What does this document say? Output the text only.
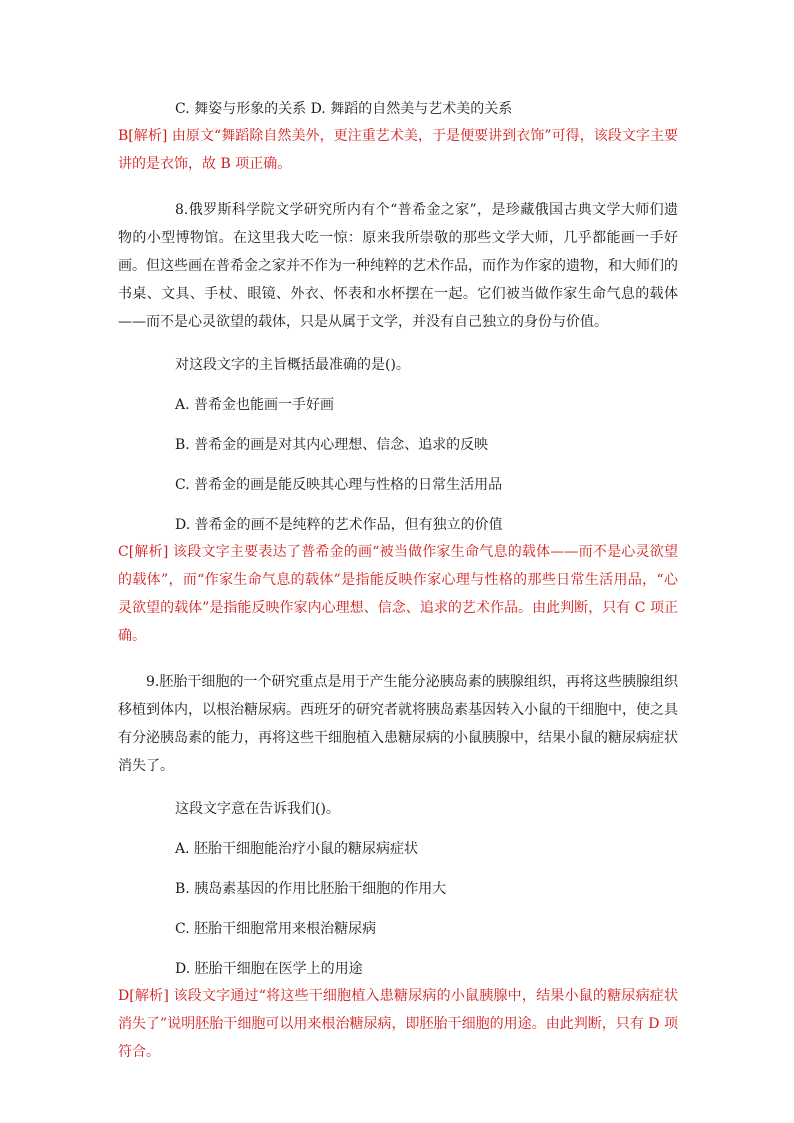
C. 舞姿与形象的关系 D. 舞蹈的自然美与艺术美的关系
B[解析] 由原文“舞蹈除自然美外，更注重艺术美，于是便要讲到衣饰”可得，该段文字主要讲的是衣饰，故 B 项正确。
8.俄罗斯科学院文学研究所内有个“普希金之家”，是珍藏俄国古典文学大师们遗物的小型博物馆。在这里我大吃一惊：原来我所崇敬的那些文学大师，几乎都能画一手好画。但这些画在普希金之家并不作为一种纯粹的艺术作品，而作为作家的遗物，和大师们的书桌、文具、手杖、眼镜、外衣、怀表和水杯摆在一起。它们被当做作家生命气息的载体——而不是心灵欲望的载体，只是从属于文学，并没有自己独立的身份与价值。
对这段文字的主旨概括最准确的是()。
A. 普希金也能画一手好画
B. 普希金的画是对其内心理想、信念、追求的反映
C. 普希金的画是能反映其心理与性格的日常生活用品
D. 普希金的画不是纯粹的艺术作品，但有独立的价值
C[解析] 该段文字主要表达了普希金的画“被当做作家生命气息的载体——而不是心灵欲望的载体”，而“作家生命气息的载体”是指能反映作家心理与性格的那些日常生活用品，“心灵欲望的载体”是指能反映作家内心理想、信念、追求的艺术作品。由此判断，只有 C 项正确。
9.胚胎干细胞的一个研究重点是用于产生能分泌胰岛素的胰腺组织，再将这些胰腺组织移植到体内，以根治糖尿病。西班牙的研究者就将胰岛素基因转入小鼠的干细胞中，使之具有分泌胰岛素的能力，再将这些干细胞植入患糖尿病的小鼠胰腺中，结果小鼠的糖尿病症状消失了。
这段文字意在告诉我们()。
A. 胚胎干细胞能治疗小鼠的糖尿病症状
B. 胰岛素基因的作用比胚胎干细胞的作用大
C. 胚胎干细胞常用来根治糖尿病
D. 胚胎干细胞在医学上的用途
D[解析] 该段文字通过“将这些干细胞植入患糖尿病的小鼠胰腺中，结果小鼠的糖尿病症状消失了”说明胚胎干细胞可以用来根治糖尿病，即胚胎干细胞的用途。由此判断，只有 D 项符合。
